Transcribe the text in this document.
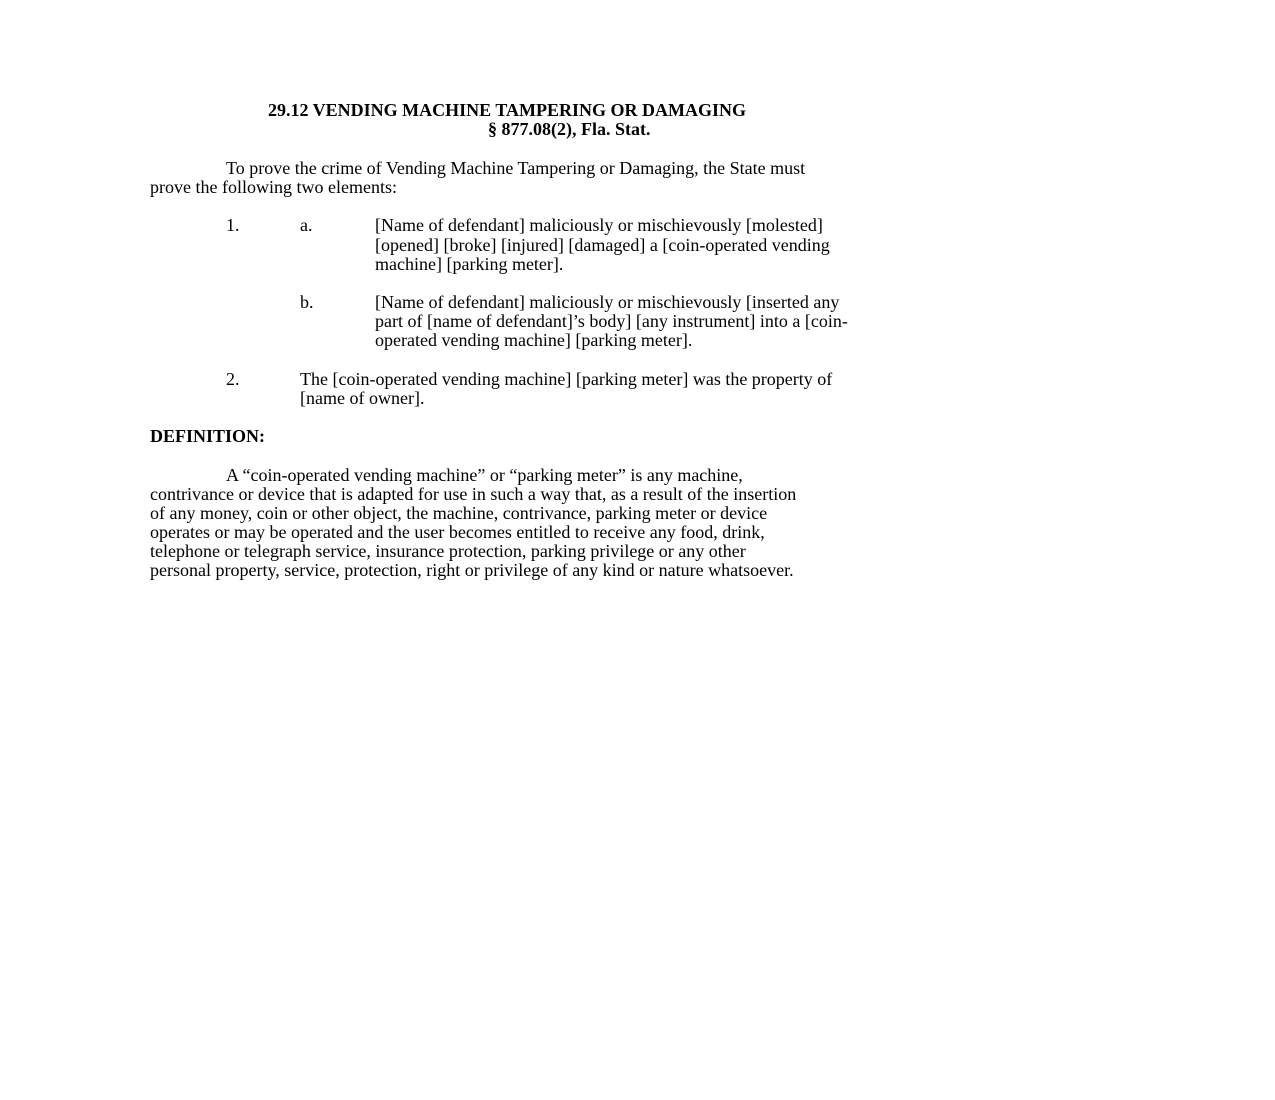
29.12 VENDING MACHINE TAMPERING OR DAMAGING
§ 877.08(2), Fla. Stat.
To prove the crime of Vending Machine Tampering or Damaging, the State must
prove the following two elements:
1.	a.	[Name of defendant] maliciously or mischievously [molested]
[opened] [broke] [injured] [damaged] a [coin-operated vending
machine] [parking meter].
b.	[Name of defendant] maliciously or mischievously [inserted any
part of [name of defendant]’s body] [any instrument] into a [coin-
operated vending machine] [parking meter].
2.	The [coin-operated vending machine] [parking meter] was the property of
[name of owner].
DEFINITION:
A “coin-operated vending machine” or “parking meter” is any machine,
contrivance or device that is adapted for use in such a way that, as a result of the insertion
of any money, coin or other object, the machine, contrivance, parking meter or device
operates or may be operated and the user becomes entitled to receive any food, drink,
telephone or telegraph service, insurance protection, parking privilege or any other
personal property, service, protection, right or privilege of any kind or nature whatsoever.
